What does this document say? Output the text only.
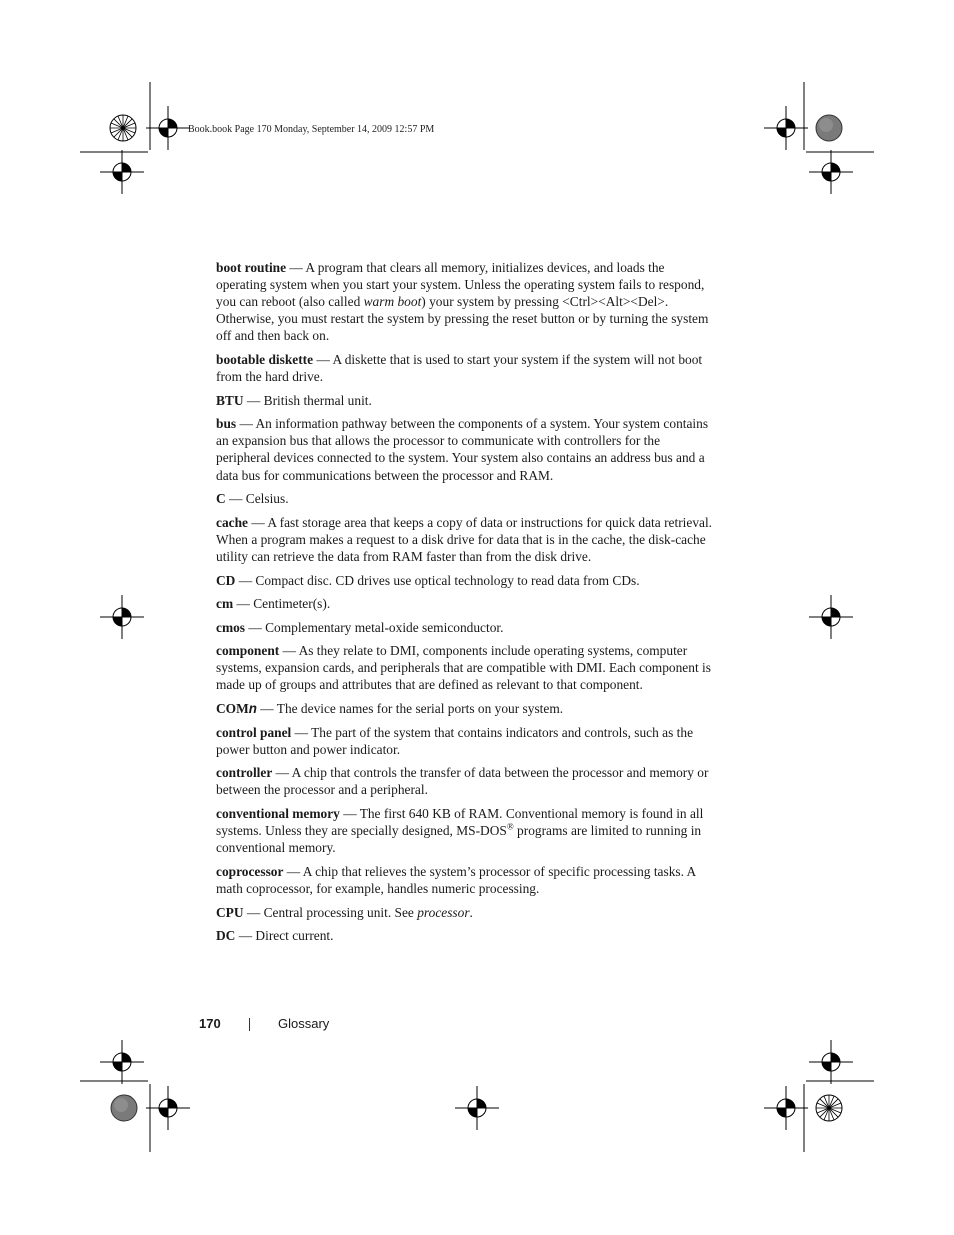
Book.book Page 170 Monday, September 14, 2009 12:57 PM

boot routine — A program that clears all memory, initializes devices, and loads the operating system when you start your system. Unless the operating system fails to respond, you can reboot (also called warm boot) your system by pressing <Ctrl><Alt><Del>. Otherwise, you must restart the system by pressing the reset button or by turning the system off and then back on.

bootable diskette — A diskette that is used to start your system if the system will not boot from the hard drive.

BTU — British thermal unit.

bus — An information pathway between the components of a system. Your system contains an expansion bus that allows the processor to communicate with controllers for the peripheral devices connected to the system. Your system also contains an address bus and a data bus for communications between the processor and RAM.

C — Celsius.

cache — A fast storage area that keeps a copy of data or instructions for quick data retrieval. When a program makes a request to a disk drive for data that is in the cache, the disk-cache utility can retrieve the data from RAM faster than from the disk drive.

CD — Compact disc. CD drives use optical technology to read data from CDs.

cm — Centimeter(s).

cmos — Complementary metal-oxide semiconductor.

component — As they relate to DMI, components include operating systems, computer systems, expansion cards, and peripherals that are compatible with DMI. Each component is made up of groups and attributes that are defined as relevant to that component.

COMn — The device names for the serial ports on your system.

control panel — The part of the system that contains indicators and controls, such as the power button and power indicator.

controller — A chip that controls the transfer of data between the processor and memory or between the processor and a peripheral.

conventional memory — The first 640 KB of RAM. Conventional memory is found in all systems. Unless they are specially designed, MS-DOS® programs are limited to running in conventional memory.

coprocessor — A chip that relieves the system’s processor of specific processing tasks. A math coprocessor, for example, handles numeric processing.

CPU — Central processing unit. See processor.

DC — Direct current.

170	Glossary
